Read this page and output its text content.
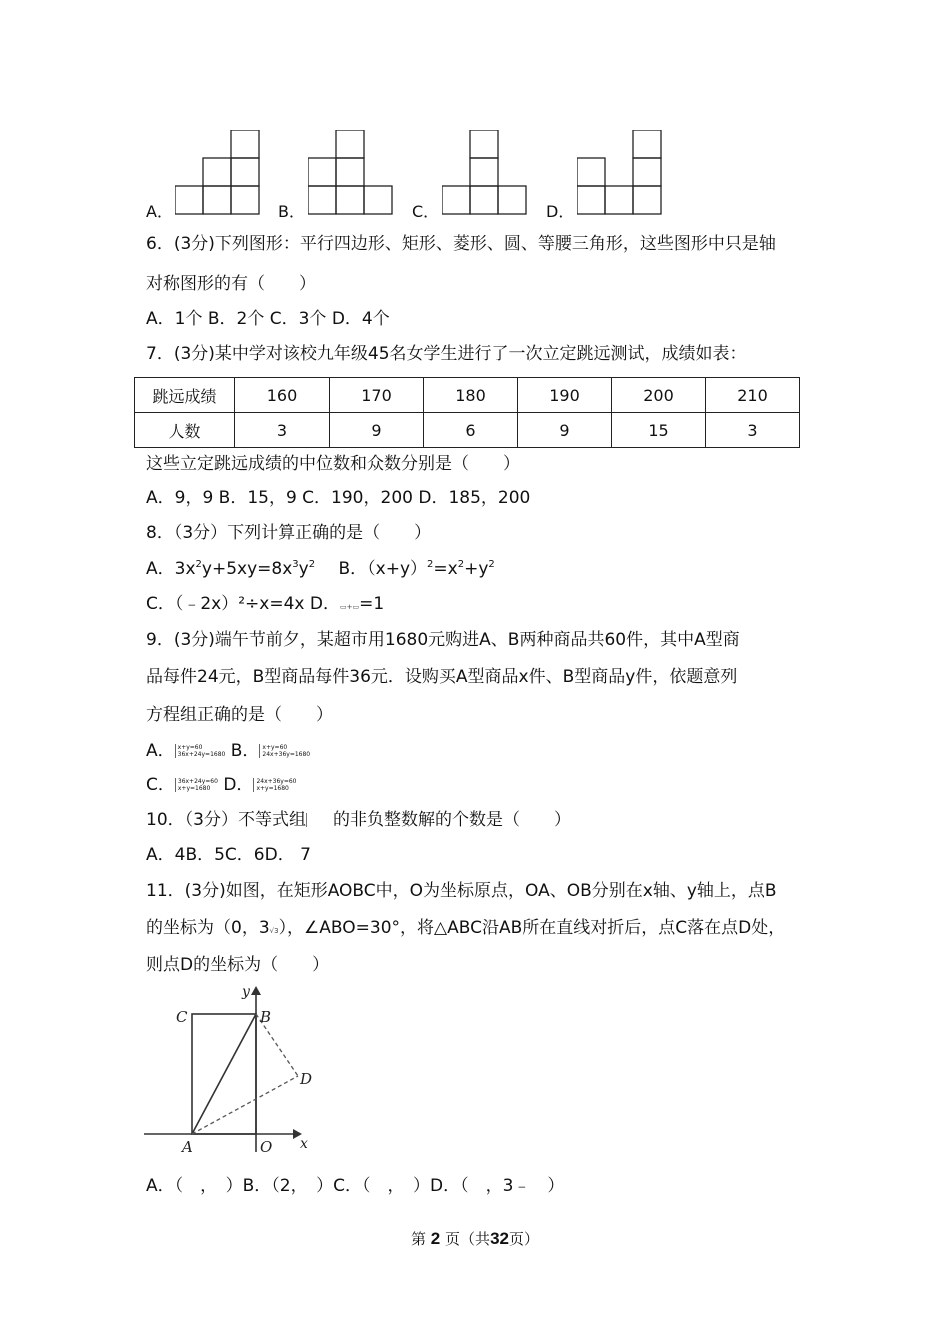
A．	B．	C．	D．
6．(3分)下列图形：平行四边形、矩形、菱形、圆、等腰三角形，这些图形中只是轴
对称图形的有（　　）
A．1个 B．2个 C．3个 D．4个
7．(3分)某中学对该校九年级45名女学生进行了一次立定跳远测试，成绩如表：
跳远成绩	160	170	180	190	200	210
人数	3	9	6	9	15	3
这些立定跳远成绩的中位数和众数分别是（　　）
A．9，9 B．15，9 C．190，200 D．185，200
8．（3分）下列计算正确的是（　　）
A．$3x^2y+5xy=8x^3y^2$ B．$(x+y)^2=x^2+y^2$
C．（﹣2x）²÷x=4x D．▭+▭=1
9．(3分)端午节前夕，某超市用1680元购进A、B两种商品共60件，其中A型商
品每件24元，B型商品每件36元．设购买A型商品x件、B型商品y件，依题意列
方程组正确的是（　　）
A． x+y=60
36x+24y=1680 B． x+y=60
24x+36y=1680
C． 36x+24y=60
x+y=1680 D． 24x+36y=60
x+y=1680
10．（3分）不等式组 的非负整数解的个数是（　　）
A．4B．5C．6D． 7
11．(3分)如图，在矩形AOBC中，O为坐标原点，OA、OB分别在x轴、y轴上，点B
的坐标为（0，3√3），∠ABO=30°，将△ABC沿AB所在直线对折后，点C落在点D处，
则点D的坐标为（　　）
C	B
D
A	O x
y
A．（　，　）B．（2，　）C．（　，　）D．（　，3﹣　）
第 2 页（共32页）
